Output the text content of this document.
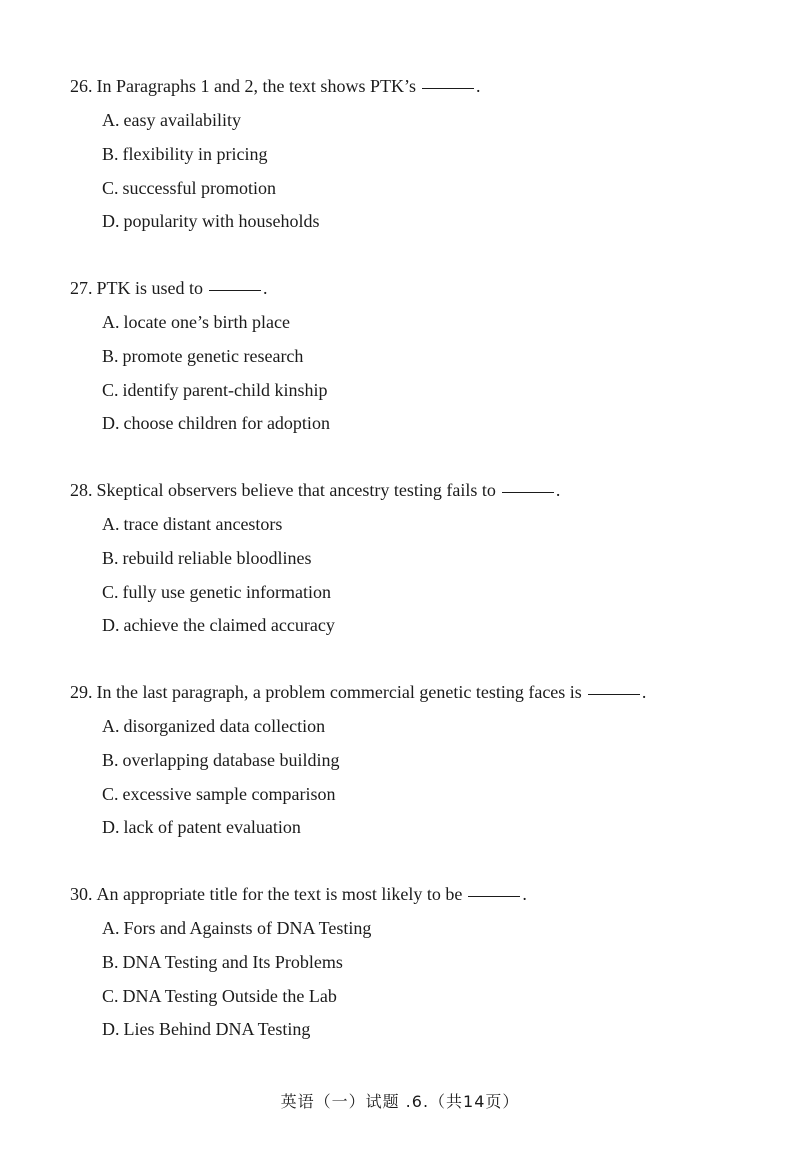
26. In Paragraphs 1 and 2, the text shows PTK’s	.
A. easy availability
B. flexibility in pricing
C. successful promotion
D. popularity with households
27. PTK is used to	.
A. locate one’s birth place
B. promote genetic research
C. identify parent-child kinship
D. choose children for adoption
28. Skeptical observers believe that ancestry testing fails to	.
A. trace distant ancestors
B. rebuild reliable bloodlines
C. fully use genetic information
D. achieve the claimed accuracy
29. In the last paragraph, a problem commercial genetic testing faces is	.
A. disorganized data collection
B. overlapping database building
C. excessive sample comparison
D. lack of patent evaluation
30. An appropriate title for the text is most likely to be	.
A. Fors and Againsts of DNA Testing
B. DNA Testing and Its Problems
C. DNA Testing Outside the Lab
D. Lies Behind DNA Testing
英语（一）试题 .6.（共14页）
